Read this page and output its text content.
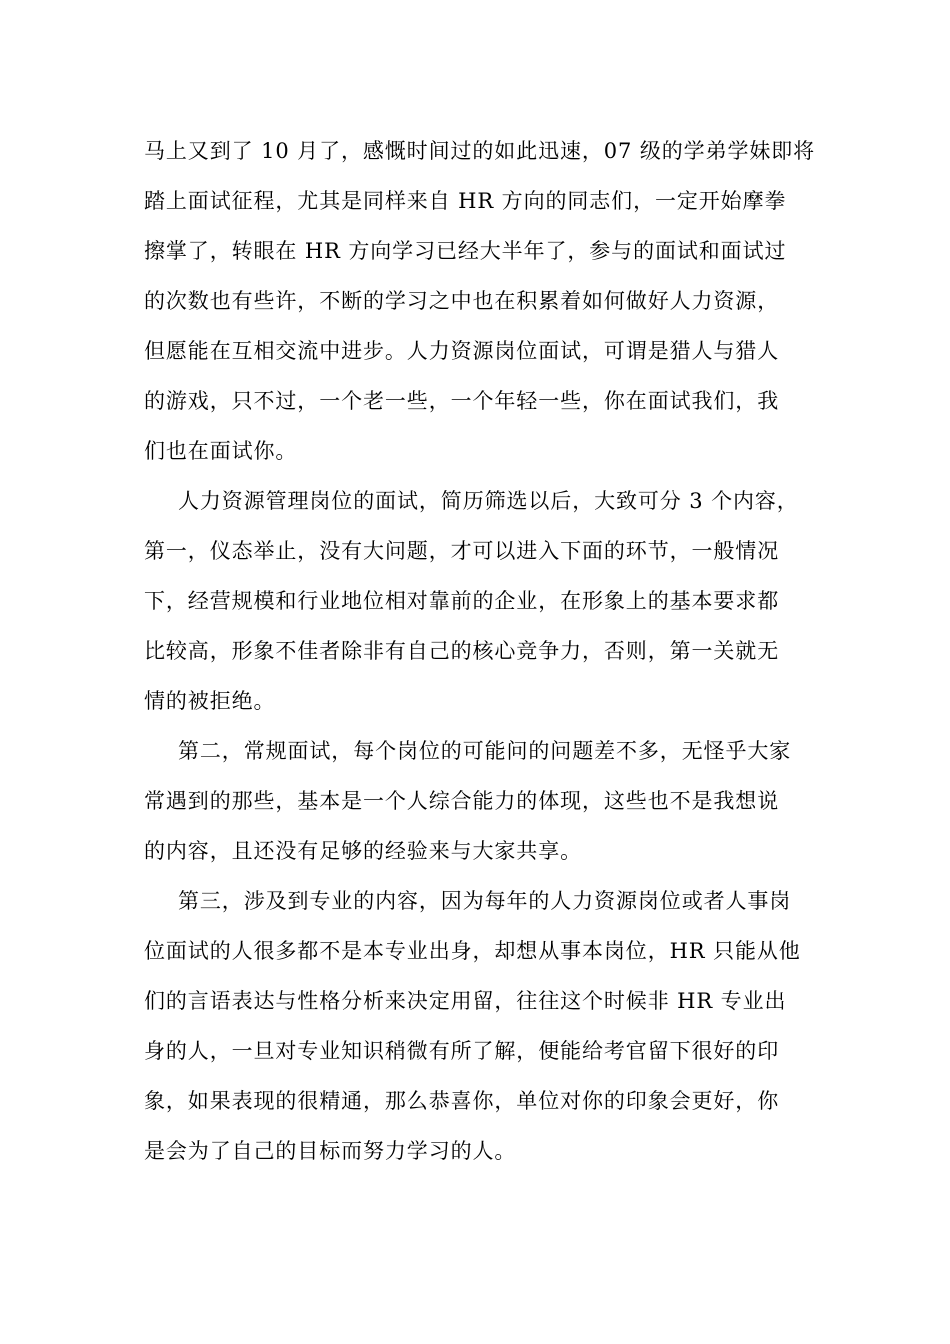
马上又到了 10 月了，感慨时间过的如此迅速，07 级的学弟学妹即将
踏上面试征程，尤其是同样来自 HR 方向的同志们，一定开始摩拳
擦掌了，转眼在 HR 方向学习已经大半年了，参与的面试和面试过
的次数也有些许，不断的学习之中也在积累着如何做好人力资源，
但愿能在互相交流中进步。人力资源岗位面试，可谓是猎人与猎人
的游戏，只不过，一个老一些，一个年轻一些，你在面试我们，我
们也在面试你。
人力资源管理岗位的面试，简历筛选以后，大致可分 3 个内容，
第一，仪态举止，没有大问题，才可以进入下面的环节，一般情况
下，经营规模和行业地位相对靠前的企业，在形象上的基本要求都
比较高，形象不佳者除非有自己的核心竞争力，否则，第一关就无
情的被拒绝。
第二，常规面试，每个岗位的可能问的问题差不多，无怪乎大家
常遇到的那些，基本是一个人综合能力的体现，这些也不是我想说
的内容，且还没有足够的经验来与大家共享。
第三，涉及到专业的内容，因为每年的人力资源岗位或者人事岗
位面试的人很多都不是本专业出身，却想从事本岗位，HR 只能从他
们的言语表达与性格分析来决定用留，往往这个时候非 HR 专业出
身的人，一旦对专业知识稍微有所了解，便能给考官留下很好的印
象，如果表现的很精通，那么恭喜你，单位对你的印象会更好，你
是会为了自己的目标而努力学习的人。
